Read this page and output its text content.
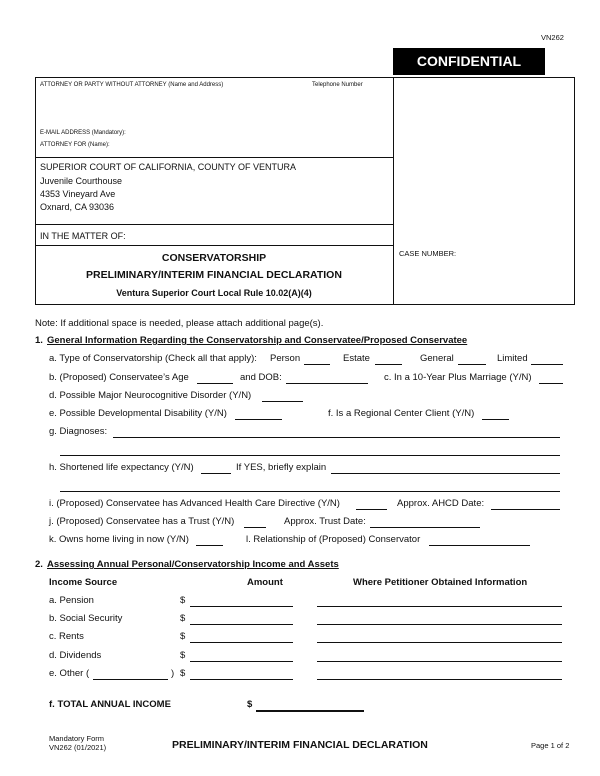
VN262
CONFIDENTIAL
ATTORNEY OR PARTY WITHOUT ATTORNEY (Name and Address)	Telephone Number
E-MAIL ADDRESS (Mandatory):
ATTORNEY FOR (Name):
SUPERIOR COURT OF CALIFORNIA, COUNTY OF VENTURA
Juvenile Courthouse
4353 Vineyard Ave
Oxnard, CA 93036
IN THE MATTER OF:
CONSERVATORSHIP
PRELIMINARY/INTERIM FINANCIAL DECLARATION
Ventura Superior Court Local Rule 10.02(A)(4)
CASE NUMBER:
Note: If additional space is needed, please attach additional page(s).
1. General Information Regarding the Conservatorship and Conservatee/Proposed Conservatee
a. Type of Conservatorship (Check all that apply): Person	Estate	General	Limited
b. (Proposed) Conservatee’s Age	and DOB:	c. In a 10-Year Plus Marriage (Y/N)
d. Possible Major Neurocognitive Disorder (Y/N)
e. Possible Developmental Disability (Y/N)	f. Is a Regional Center Client (Y/N)
g. Diagnoses:
h. Shortened life expectancy (Y/N)	If YES, briefly explain
i. (Proposed) Conservatee has Advanced Health Care Directive (Y/N)	Approx. AHCD Date:
j. (Proposed) Conservatee has a Trust (Y/N)	Approx. Trust Date:
k. Owns home living in now (Y/N)	l. Relationship of (Proposed) Conservator
2. Assessing Annual Personal/Conservatorship Income and Assets
Income Source	Amount	Where Petitioner Obtained Information
a. Pension	$
b. Social Security	$
c. Rents	$
d. Dividends	$
e. Other (	) $
f. TOTAL ANNUAL INCOME	$
Mandatory Form
VN262 (01/2021)	PRELIMINARY/INTERIM FINANCIAL DECLARATION	Page 1 of 2
